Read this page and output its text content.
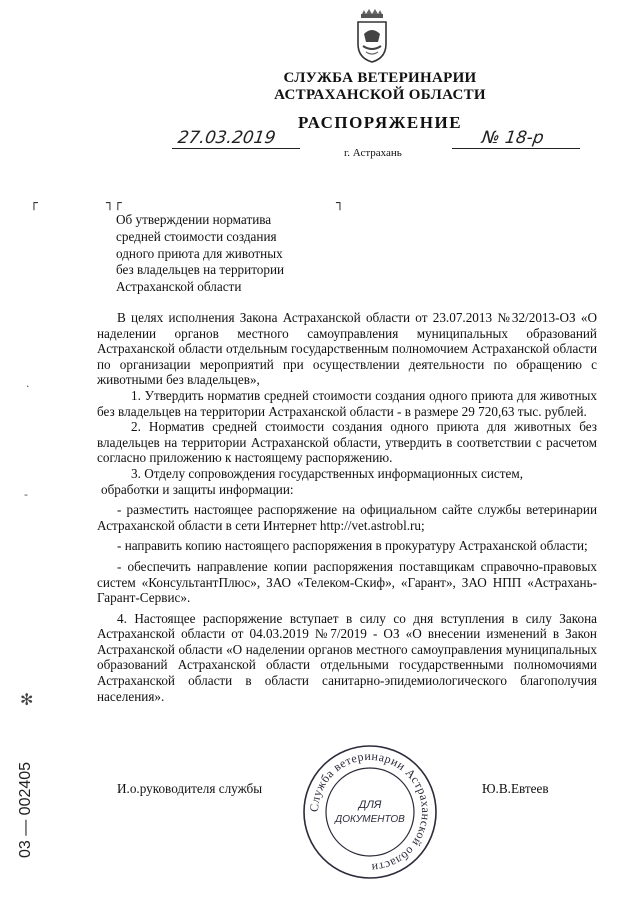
СЛУЖБА ВЕТЕРИНАРИИ
АСТРАХАНСКОЙ ОБЛАСТИ
РАСПОРЯЖЕНИЕ
27.03.2019	№ 18-р
г. Астрахань
┌	┐┌	┐
Об утверждении норматива
средней стоимости создания
одного приюта для животных
без владельцев на территории
Астраханской области

В целях исполнения Закона Астраханской области от 23.07.2013 №32/2013-ОЗ «О наделении органов местного самоуправления муниципальных образований Астраханской области отдельным государственным полномочием Астраханской области по организации мероприятий при осуществлении деятельности по обращению с животными без владельцев»,

1. Утвердить норматив средней стоимости создания одного приюта для животных без владельцев на территории Астраханской области - в размере 29 720,63 тыс. рублей.

2. Норматив средней стоимости создания одного приюта для животных без владельцев на территории Астраханской области, утвердить в соответствии с расчетом согласно приложению к настоящему распоряжению.

3. Отделу сопровождения государственных информационных систем,

обработки и защиты информации:

- разместить настоящее распоряжение на официальном сайте службы ветеринарии Астраханской области в сети Интернет http://vet.astrobl.ru;

- направить копию настоящего распоряжения в прокуратуру Астраханской области;

- обеспечить направление копии распоряжения поставщикам справочно-правовых систем «КонсультантПлюс», ЗАО «Телеком-Скиф», «Гарант», ЗАО НПП «Астрахань-Гарант-Сервис».

4. Настоящее распоряжение вступает в силу со дня вступления в силу Закона Астраханской области от 04.03.2019 №7/2019 - ОЗ «О внесении изменений в Закон Астраханской области «О наделении органов местного самоуправления муниципальных образований Астраханской области отдельными государственными полномочиями Астраханской области в области санитарно-эпидемиологического благополучия населения».

И.о.руководителя службы	Ю.В.Евтеев
Служба ветеринарии Астраханской области
ДЛЯ
ДОКУМЕНТОВ
·
-
✻
03 — 002405
